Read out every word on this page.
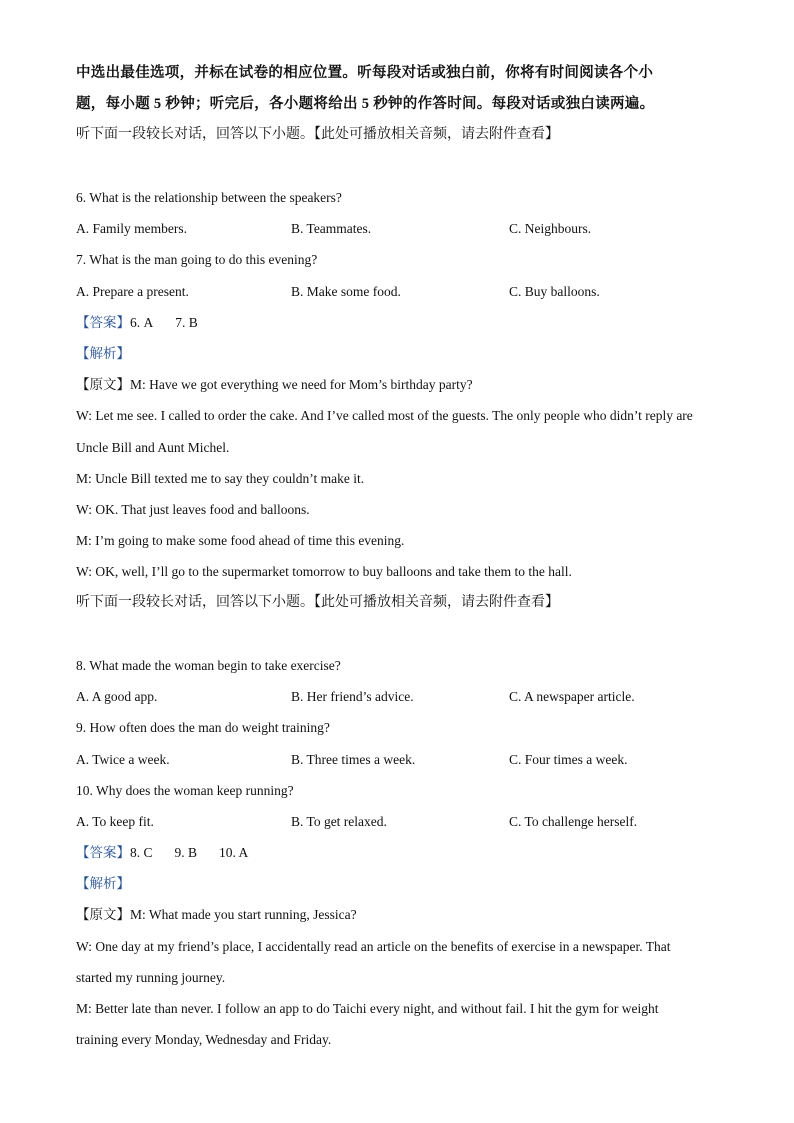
中选出最佳选项，并标在试卷的相应位置。听每段对话或独白前，你将有时间阅读各个小
题，每小题 5 秒钟；听完后，各小题将给出 5 秒钟的作答时间。每段对话或独白读两遍。
听下面一段较长对话，回答以下小题。【此处可播放相关音频，请去附件查看】
6. What is the relationship between the speakers?
A. Family members.	B. Teammates.	C. Neighbours.
7. What is the man going to do this evening?
A. Prepare a present.	B. Make some food.	C. Buy balloons.
【答案】6. A 7. B
【解析】
【原文】M: Have we got everything we need for Mom’s birthday party?
W: Let me see. I called to order the cake. And I’ve called most of the guests. The only people who didn’t reply are
Uncle Bill and Aunt Michel.
M: Uncle Bill texted me to say they couldn’t make it.
W: OK. That just leaves food and balloons.
M: I’m going to make some food ahead of time this evening.
W: OK, well, I’ll go to the supermarket tomorrow to buy balloons and take them to the hall.
听下面一段较长对话，回答以下小题。【此处可播放相关音频，请去附件查看】
8. What made the woman begin to take exercise?
A. A good app.	B. Her friend’s advice.	C. A newspaper article.
9. How often does the man do weight training?
A. Twice a week.	B. Three times a week.	C. Four times a week.
10. Why does the woman keep running?
A. To keep fit.	B. To get relaxed.	C. To challenge herself.
【答案】8. C 9. B 10. A
【解析】
【原文】M: What made you start running, Jessica?
W: One day at my friend’s place, I accidentally read an article on the benefits of exercise in a newspaper. That
started my running journey.
M: Better late than never. I follow an app to do Taichi every night, and without fail. I hit the gym for weight
training every Monday, Wednesday and Friday.
